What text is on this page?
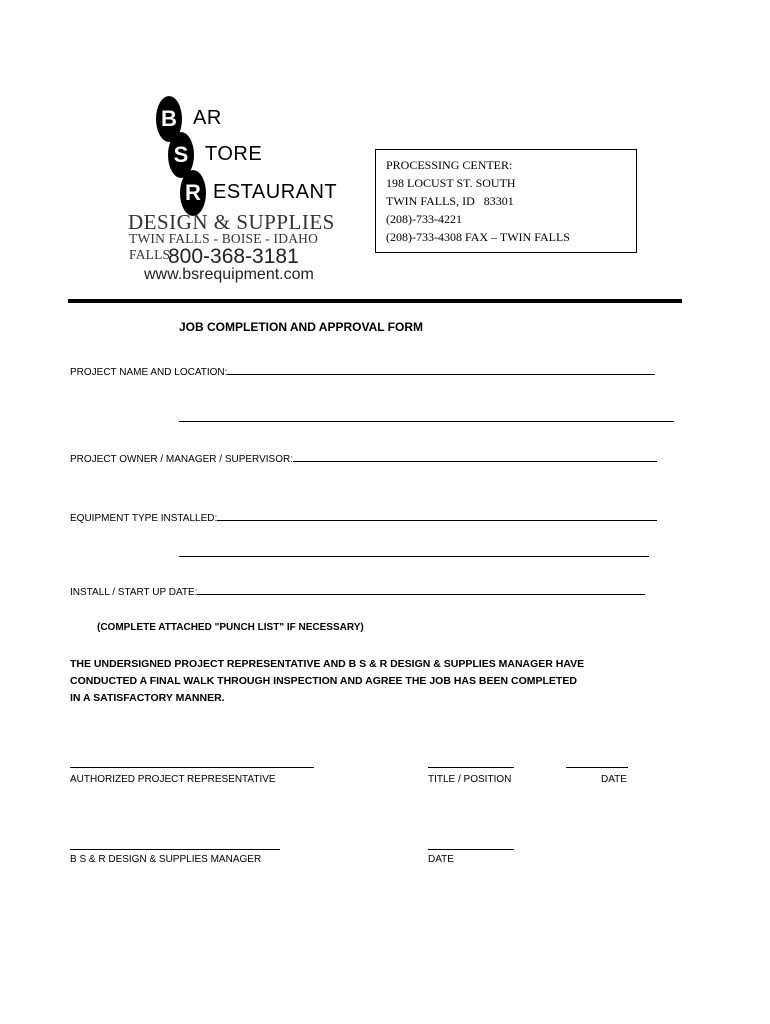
B AR
S TORE
R ESTAURANT
DESIGN & SUPPLIES
TWIN FALLS - BOISE - IDAHO FALLS
800-368-3181
www.bsrequipment.com
PROCESSING CENTER:
198 LOCUST ST. SOUTH
TWIN FALLS, ID   83301
(208)-733-4221
(208)-733-4308 FAX – TWIN FALLS
JOB COMPLETION AND APPROVAL FORM
PROJECT NAME AND LOCATION:
PROJECT OWNER / MANAGER / SUPERVISOR:
EQUIPMENT TYPE INSTALLED:
INSTALL / START UP DATE:
(COMPLETE ATTACHED "PUNCH LIST" IF NECESSARY)
THE UNDERSIGNED PROJECT REPRESENTATIVE AND B S & R DESIGN & SUPPLIES MANAGER HAVE
CONDUCTED A FINAL WALK THROUGH INSPECTION AND AGREE THE JOB HAS BEEN COMPLETED
IN A SATISFACTORY MANNER.
AUTHORIZED PROJECT REPRESENTATIVE	TITLE / POSITION	DATE
B S & R DESIGN & SUPPLIES MANAGER	DATE
